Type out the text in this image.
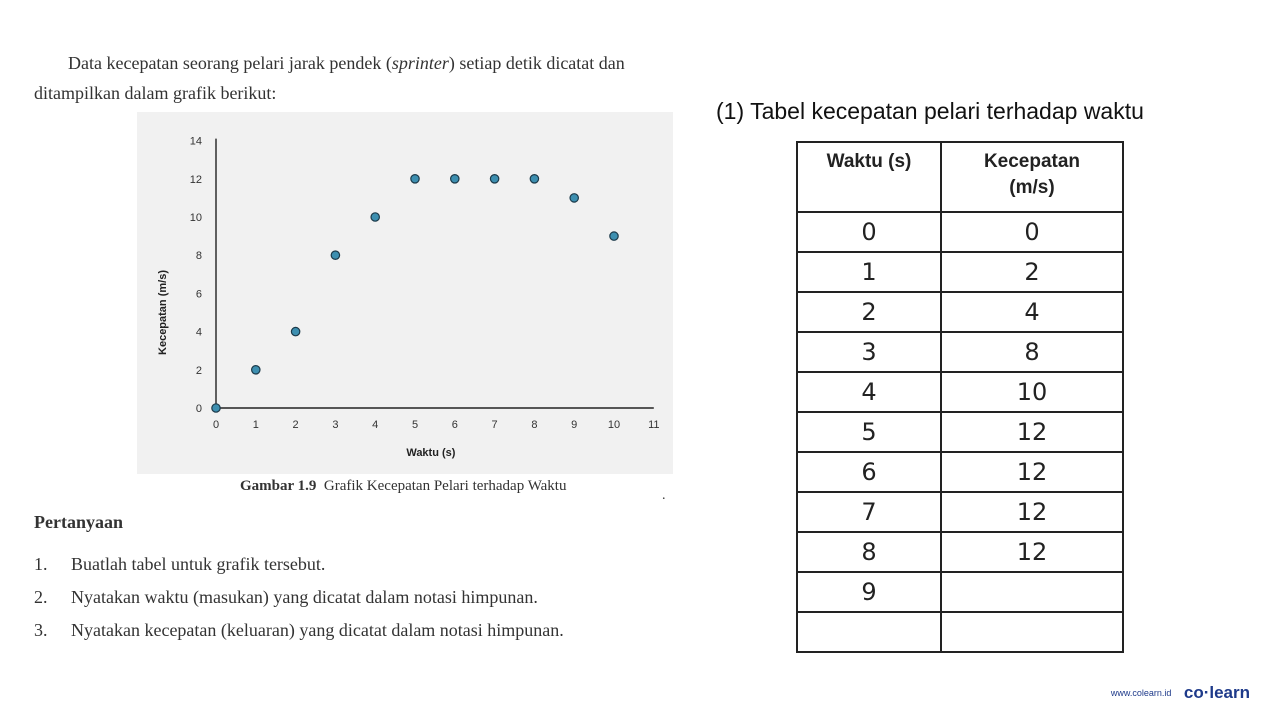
Data kecepatan seorang pelari jarak pendek (sprinter) setiap detik dicatat dan
ditampilkan dalam grafik berikut:
0	1	2	3	4	5	6	7	8	9	10	11
0
2
4
6
8
10
12
14
Waktu (s)
Kecepatan (m/s)
Gambar 1.9 Grafik Kecepatan Pelari terhadap Waktu
.
Pertanyaan
1. Buatlah tabel untuk grafik tersebut.
2. Nyatakan waktu (masukan) yang dicatat dalam notasi himpunan.
3. Nyatakan kecepatan (keluaran) yang dicatat dalam notasi himpunan.
(1) Tabel kecepatan pelari terhadap waktu
Waktu (s)	Kecepatan
(m/s)
0	0
1	2
2	4
3	8
4	10
5	12
6	12
7	12
8	12
9	

www.colearn.id co·learn
